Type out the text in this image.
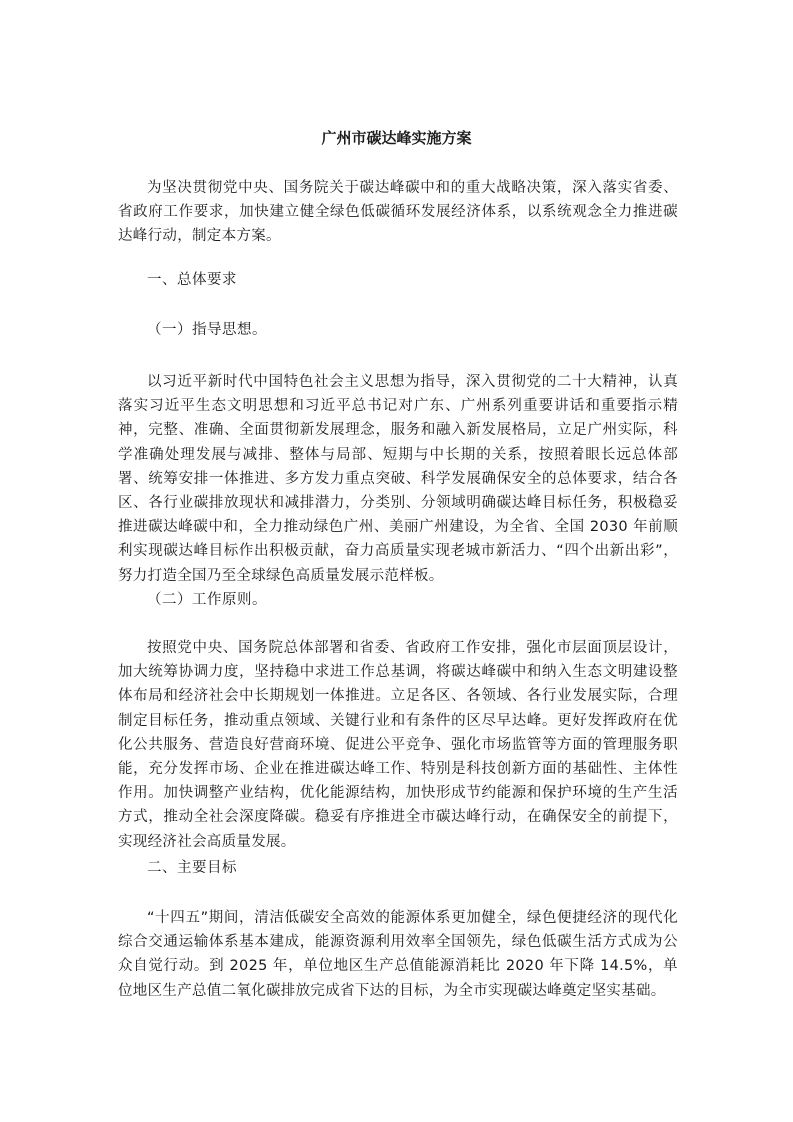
广州市碳达峰实施方案

为坚决贯彻党中央、国务院关于碳达峰碳中和的重大战略决策，深入落实省委、省政府工作要求，加快建立健全绿色低碳循环发展经济体系，以系统观念全力推进碳达峰行动，制定本方案。

一、总体要求

（一）指导思想。

以习近平新时代中国特色社会主义思想为指导，深入贯彻党的二十大精神，认真落实习近平生态文明思想和习近平总书记对广东、广州系列重要讲话和重要指示精神，完整、准确、全面贯彻新发展理念，服务和融入新发展格局，立足广州实际，科学准确处理发展与减排、整体与局部、短期与中长期的关系，按照着眼长远总体部署、统筹安排一体推进、多方发力重点突破、科学发展确保安全的总体要求，结合各区、各行业碳排放现状和减排潜力，分类别、分领域明确碳达峰目标任务，积极稳妥推进碳达峰碳中和，全力推动绿色广州、美丽广州建设，为全省、全国 2030 年前顺利实现碳达峰目标作出积极贡献，奋力高质量实现老城市新活力、“四个出新出彩”，努力打造全国乃至全球绿色高质量发展示范样板。

（二）工作原则。

按照党中央、国务院总体部署和省委、省政府工作安排，强化市层面顶层设计，加大统筹协调力度，坚持稳中求进工作总基调，将碳达峰碳中和纳入生态文明建设整体布局和经济社会中长期规划一体推进。立足各区、各领域、各行业发展实际，合理制定目标任务，推动重点领域、关键行业和有条件的区尽早达峰。更好发挥政府在优化公共服务、营造良好营商环境、促进公平竞争、强化市场监管等方面的管理服务职能，充分发挥市场、企业在推进碳达峰工作、特别是科技创新方面的基础性、主体性作用。加快调整产业结构，优化能源结构，加快形成节约能源和保护环境的生产生活方式，推动全社会深度降碳。稳妥有序推进全市碳达峰行动，在确保安全的前提下，实现经济社会高质量发展。

二、主要目标

“十四五”期间，清洁低碳安全高效的能源体系更加健全，绿色便捷经济的现代化综合交通运输体系基本建成，能源资源利用效率全国领先，绿色低碳生活方式成为公众自觉行动。到 2025 年，单位地区生产总值能源消耗比 2020 年下降 14.5%，单位地区生产总值二氧化碳排放完成省下达的目标，为全市实现碳达峰奠定坚实基础。
